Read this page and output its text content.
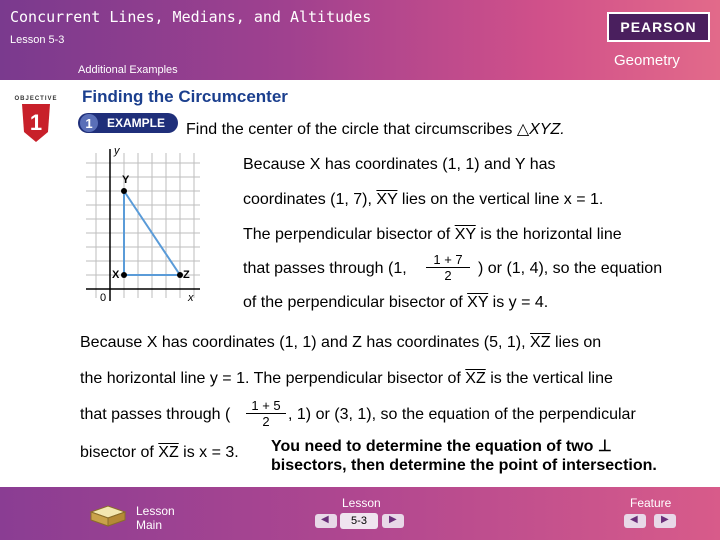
Concurrent Lines, Medians, and Altitudes
Lesson 5-3
Additional Examples
PEARSON
Geometry
OBJECTIVE
1
Finding the Circumcenter
1 EXAMPLE Find the center of the circle that circumscribes △XYZ.
y
Y
X	Z
x
0
Because X has coordinates (1, 1) and Y has
coordinates (1, 7), $\overline{XY}$ lies on the vertical line x = 1.
The perpendicular bisector of $\overline{XY}$ is the horizontal line
that passes through (1, $\frac{1 + 7}{2}$ ) or (1, 4), so the equation
of the perpendicular bisector of $\overline{XY}$ is y = 4.
Because X has coordinates (1, 1) and Z has coordinates (5, 1), $\overline{XZ}$ lies on
the horizontal line y = 1. The perpendicular bisector of $\overline{XZ}$ is the vertical line
that passes through ( $\frac{1 + 5}{2}$ , 1) or (3, 1), so the equation of the perpendicular
bisector of $\overline{XZ}$ is x = 3. You need to determine the equation of two ⊥
bisectors, then determine the point of intersection.
Lesson
Main
Lesson
◀	5-3	▶
Feature
◀ ▶
